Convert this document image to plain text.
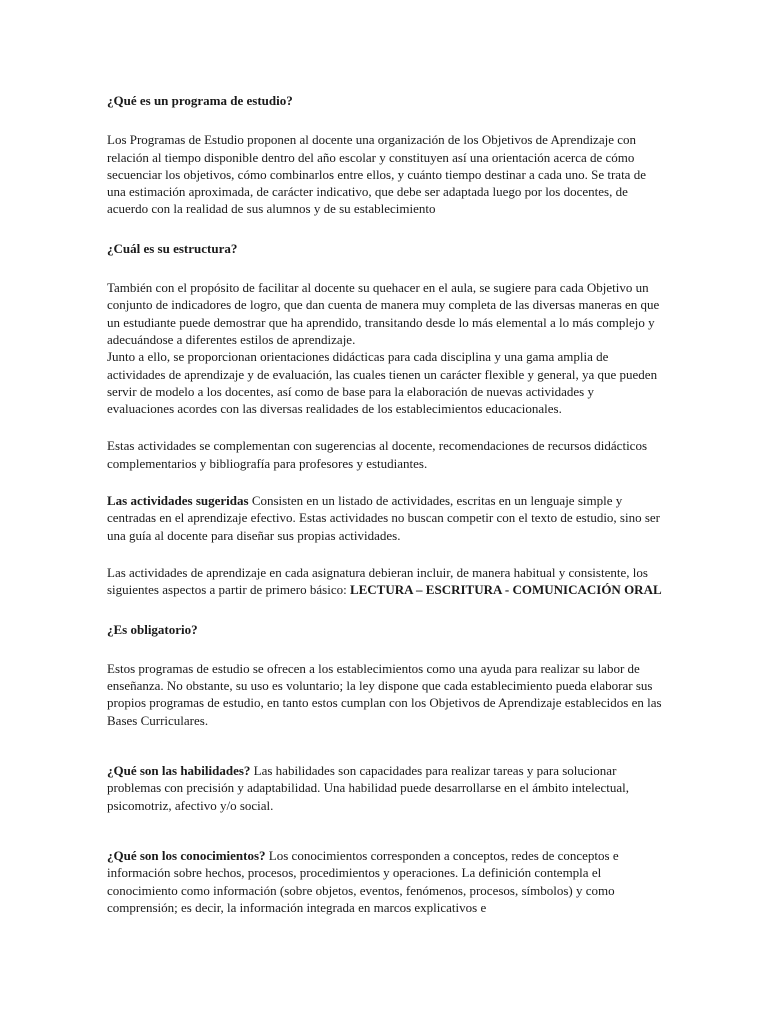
¿Qué es un programa de estudio?

Los Programas de Estudio proponen al docente una organización de los Objetivos de Aprendizaje con relación al tiempo disponible dentro del año escolar y constituyen así una orientación acerca de cómo secuenciar los objetivos, cómo combinarlos entre ellos, y cuánto tiempo destinar a cada uno. Se trata de una estimación aproximada, de carácter indicativo, que debe ser adaptada luego por los docentes, de acuerdo con la realidad de sus alumnos y de su establecimiento

¿Cuál es su estructura?

También con el propósito de facilitar al docente su quehacer en el aula, se sugiere para cada Objetivo un conjunto de indicadores de logro, que dan cuenta de manera muy completa de las diversas maneras en que un estudiante puede demostrar que ha aprendido, transitando desde lo más elemental a lo más complejo y adecuándose a diferentes estilos de aprendizaje.

Junto a ello, se proporcionan orientaciones didácticas para cada disciplina y una gama amplia de actividades de aprendizaje y de evaluación, las cuales tienen un carácter flexible y general, ya que pueden servir de modelo a los docentes, así como de base para la elaboración de nuevas actividades y evaluaciones acordes con las diversas realidades de los establecimientos educacionales.

Estas actividades se complementan con sugerencias al docente, recomendaciones de recursos didácticos complementarios y bibliografía para profesores y estudiantes.

Las actividades sugeridas Consisten en un listado de actividades, escritas en un lenguaje simple y centradas en el aprendizaje efectivo. Estas actividades no buscan competir con el texto de estudio, sino ser una guía al docente para diseñar sus propias actividades.

Las actividades de aprendizaje en cada asignatura debieran incluir, de manera habitual y consistente, los siguientes aspectos a partir de primero básico: LECTURA – ESCRITURA - COMUNICACIÓN ORAL

¿Es obligatorio?

Estos programas de estudio se ofrecen a los establecimientos como una ayuda para realizar su labor de enseñanza. No obstante, su uso es voluntario; la ley dispone que cada establecimiento pueda elaborar sus propios programas de estudio, en tanto estos cumplan con los Objetivos de Aprendizaje establecidos en las Bases Curriculares.

¿Qué son las habilidades? Las habilidades son capacidades para realizar tareas y para solucionar problemas con precisión y adaptabilidad. Una habilidad puede desarrollarse en el ámbito intelectual, psicomotriz, afectivo y/o social.

¿Qué son los conocimientos? Los conocimientos corresponden a conceptos, redes de conceptos e información sobre hechos, procesos, procedimientos y operaciones. La definición contempla el conocimiento como información (sobre objetos, eventos, fenómenos, procesos, símbolos) y como comprensión; es decir, la información integrada en marcos explicativos e
